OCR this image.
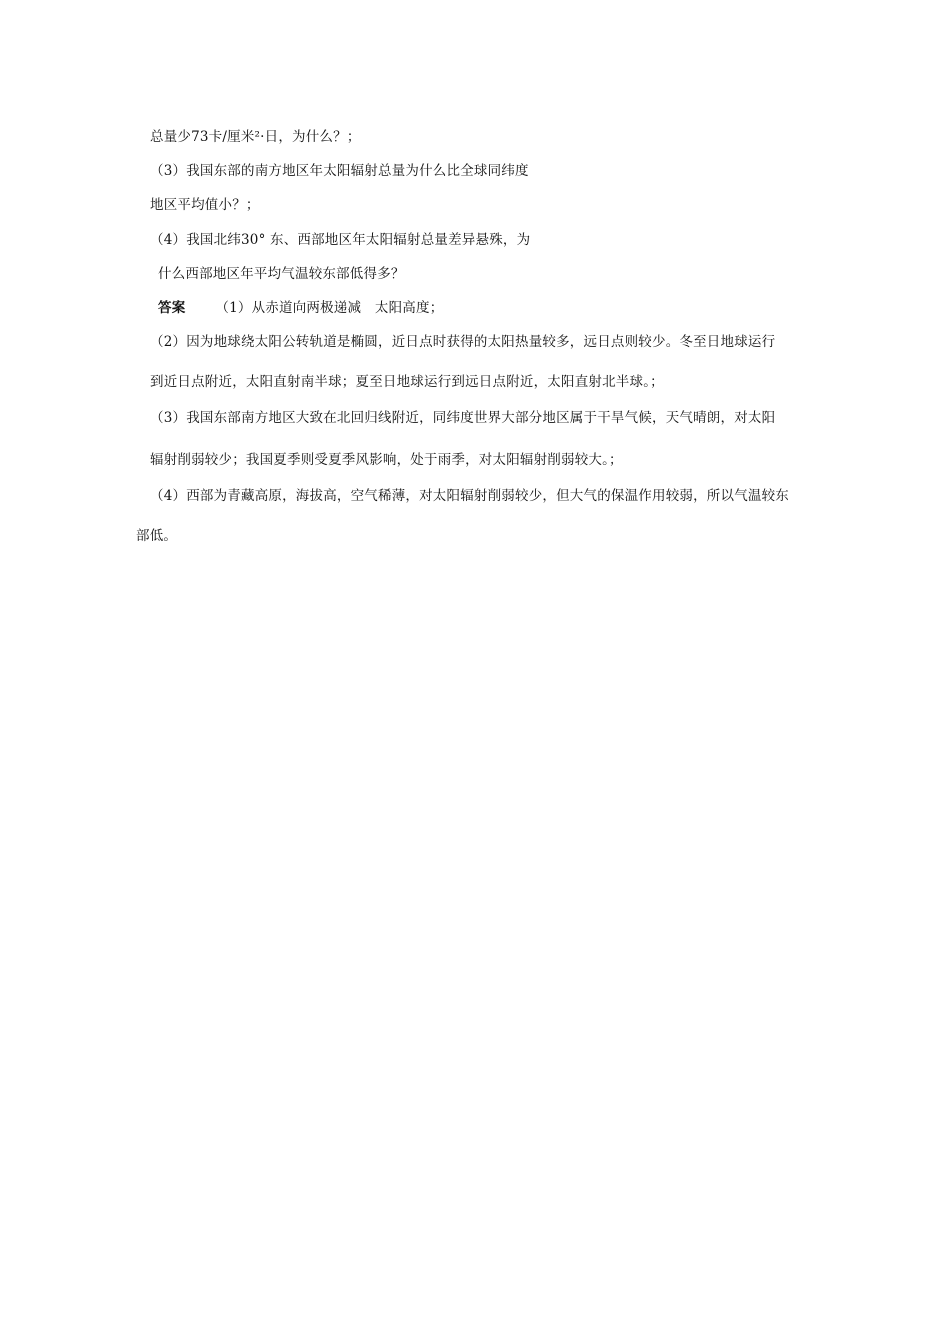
总量少73卡/厘米²·日，为什么？；
（3）我国东部的南方地区年太阳辐射总量为什么比全球同纬度
地区平均值小？；
（4）我国北纬30° 东、西部地区年太阳辐射总量差异悬殊，为
什么西部地区年平均气温较东部低得多？
答案 （1）从赤道向两极递减　太阳高度；
（2）因为地球绕太阳公转轨道是椭圆，近日点时获得的太阳热量较多，远日点则较少。冬至日地球运行
到近日点附近，太阳直射南半球；夏至日地球运行到远日点附近，太阳直射北半球。；
（3）我国东部南方地区大致在北回归线附近，同纬度世界大部分地区属于干旱气候，天气晴朗，对太阳
辐射削弱较少；我国夏季则受夏季风影响，处于雨季，对太阳辐射削弱较大。；
（4）西部为青藏高原，海拔高，空气稀薄，对太阳辐射削弱较少，但大气的保温作用较弱，所以气温较东
部低。
